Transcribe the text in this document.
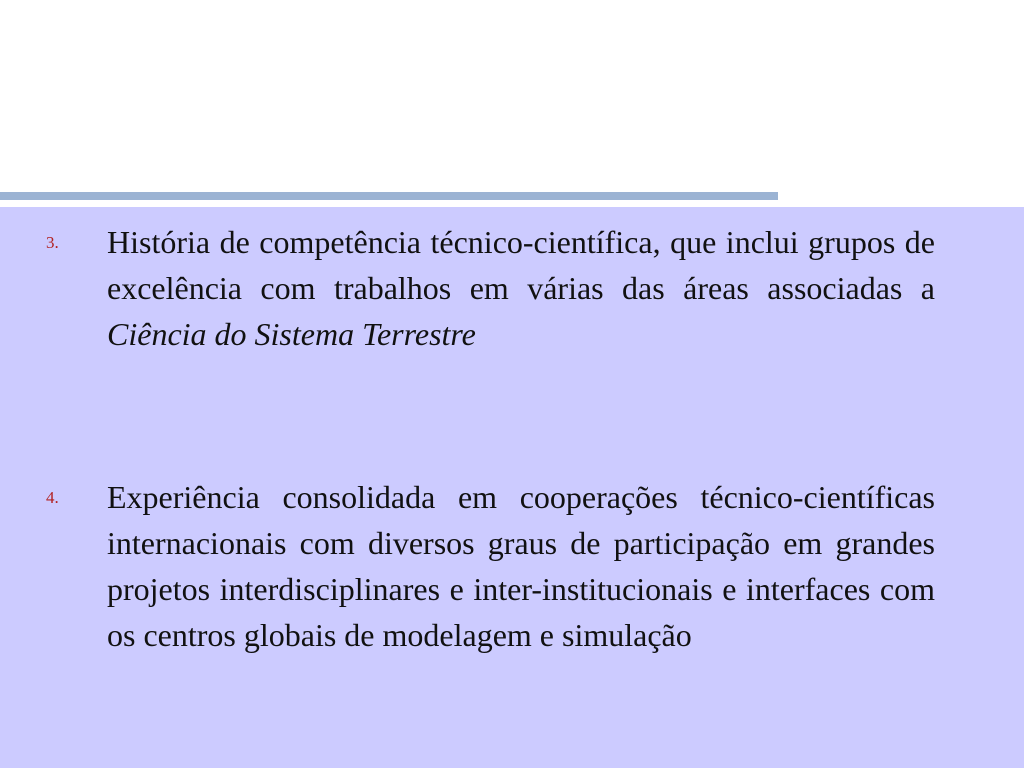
3. História de competência técnico-científica, que inclui grupos de excelência com trabalhos em várias das áreas associadas a Ciência do Sistema Terrestre

4. Experiência consolidada em cooperações técnico-científicas internacionais com diversos graus de participação em grandes projetos interdisciplinares e inter-institucionais e interfaces com os centros globais de modelagem e simulação
